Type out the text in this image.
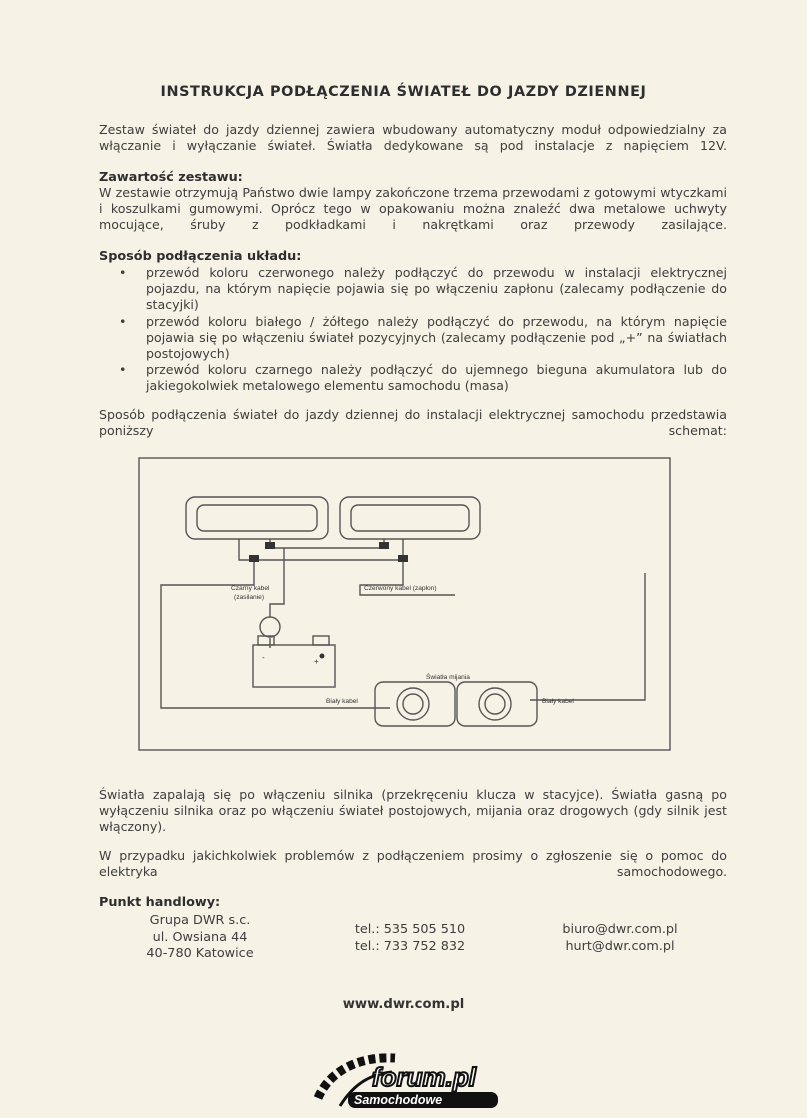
INSTRUKCJA PODŁĄCZENIA ŚWIATEŁ DO JAZDY DZIENNEJ
Zestaw świateł do jazdy dziennej zawiera wbudowany automatyczny moduł odpowiedzialny za włączanie i wyłączanie świateł. Światła dedykowane są pod instalacje z napięciem 12V.
Zawartość zestawu:
W zestawie otrzymują Państwo dwie lampy zakończone trzema przewodami z gotowymi wtyczkami i koszulkami gumowymi. Oprócz tego w opakowaniu można znaleźć dwa metalowe uchwyty mocujące, śruby z podkładkami i nakrętkami oraz przewody zasilające.
Sposób podłączenia układu:
• przewód koloru czerwonego należy podłączyć do przewodu w instalacji elektrycznej pojazdu, na którym napięcie pojawia się po włączeniu zapłonu (zalecamy podłączenie do stacyjki)
• przewód koloru białego / żółtego należy podłączyć do przewodu, na którym napięcie pojawia się po włączeniu świateł pozycyjnych (zalecamy podłączenie pod „+” na światłach postojowych)
• przewód koloru czarnego należy podłączyć do ujemnego bieguna akumulatora lub do jakiegokolwiek metalowego elementu samochodu (masa)
Sposób podłączenia świateł do jazdy dziennej do instalacji elektrycznej samochodu przedstawia poniższy schemat:
Czarny kabel
(zasilanie)
Czerwony kabel (zapłon)
Światła mijania
Biały kabel	Biały kabel
-	+
Światła zapalają się po włączeniu silnika (przekręceniu klucza w stacyjce). Światła gasną po wyłączeniu silnika oraz po włączeniu świateł postojowych, mijania oraz drogowych (gdy silnik jest włączony).
W przypadku jakichkolwiek problemów z podłączeniem prosimy o zgłoszenie się o pomoc do elektryka samochodowego.
Punkt handlowy:
Grupa DWR s.c.
ul. Owsiana 44
40-780 Katowice
tel.: 535 505 510
tel.: 733 752 832
biuro@dwr.com.pl
hurt@dwr.com.pl
www.dwr.com.pl
forum.pl
Samochodowe
